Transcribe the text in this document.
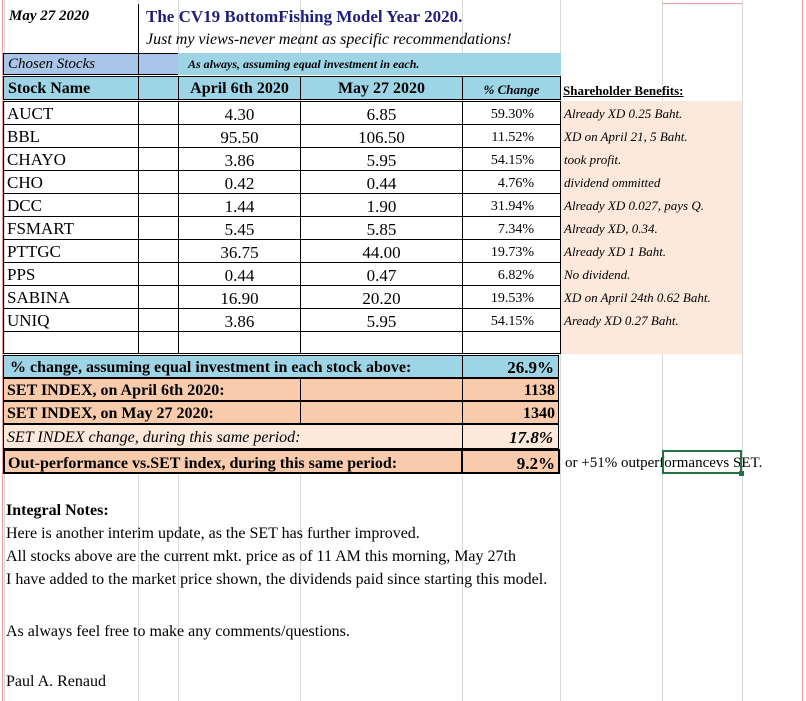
May 27 2020	The CV19 BottomFishing Model Year 2020.
Just my views-never meant as specific recommendations!
Chosen Stocks	As always, assuming equal investment in each.
Stock Name	April 6th 2020	May 27 2020	% Change	Shareholder Benefits:
AUCT	4.30	6.85	59.30%	Already XD 0.25 Baht.
BBL	95.50	106.50	11.52%	XD on April 21, 5 Baht.
CHAYO	3.86	5.95	54.15%	took profit.
CHO	0.42	0.44	4.76%	dividend ommitted
DCC	1.44	1.90	31.94%	Already XD 0.027, pays Q.
FSMART	5.45	5.85	7.34%	Already XD, 0.34.
PTTGC	36.75	44.00	19.73%	Already XD 1 Baht.
PPS	0.44	0.47	6.82%	No dividend.
SABINA	16.90	20.20	19.53%	XD on April 24th 0.62 Baht.
UNIQ	3.86	5.95	54.15%	Aready XD 0.27 Baht.
% change, assuming equal investment in each stock above:	26.9%
SET INDEX, on April 6th 2020:	1138
SET INDEX, on May 27 2020:	1340
SET INDEX change, during this same period:	17.8%
Out-performance vs.SET index, during this same period:	9.2% or +51% outperformancevs SET.
Integral Notes:
Here is another interim update, as the SET has further improved.
All stocks above are the current mkt. price as of 11 AM this morning, May 27th
I have added to the market price shown, the dividends paid since starting this model.
As always feel free to make any comments/questions.
Paul A. Renaud
